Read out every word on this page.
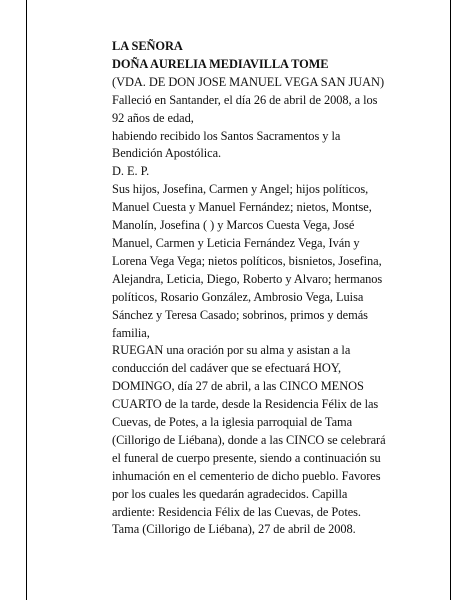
LA SEÑORA
DOÑA AURELIA MEDIAVILLA TOME
(VDA. DE DON JOSE MANUEL VEGA SAN JUAN)
Falleció en Santander, el día 26 de abril de 2008, a los
92 años de edad,
habiendo recibido los Santos Sacramentos y la
Bendición Apostólica.
D. E. P.
Sus hijos, Josefina, Carmen y Angel; hijos políticos,
Manuel Cuesta y Manuel Fernández; nietos, Montse,
Manolín, Josefina ( ) y Marcos Cuesta Vega, José
Manuel, Carmen y Leticia Fernández Vega, Iván y
Lorena Vega Vega; nietos políticos, bisnietos, Josefina,
Alejandra, Leticia, Diego, Roberto y Alvaro; hermanos
políticos, Rosario González, Ambrosio Vega, Luisa
Sánchez y Teresa Casado; sobrinos, primos y demás
familia,
RUEGAN una oración por su alma y asistan a la
conducción del cadáver que se efectuará HOY,
DOMINGO, día 27 de abril, a las CINCO MENOS
CUARTO de la tarde, desde la Residencia Félix de las
Cuevas, de Potes, a la iglesia parroquial de Tama
(Cillorigo de Liébana), donde a las CINCO se celebrará
el funeral de cuerpo presente, siendo a continuación su
inhumación en el cementerio de dicho pueblo. Favores
por los cuales les quedarán agradecidos. Capilla
ardiente: Residencia Félix de las Cuevas, de Potes.
Tama (Cillorigo de Liébana), 27 de abril de 2008.
